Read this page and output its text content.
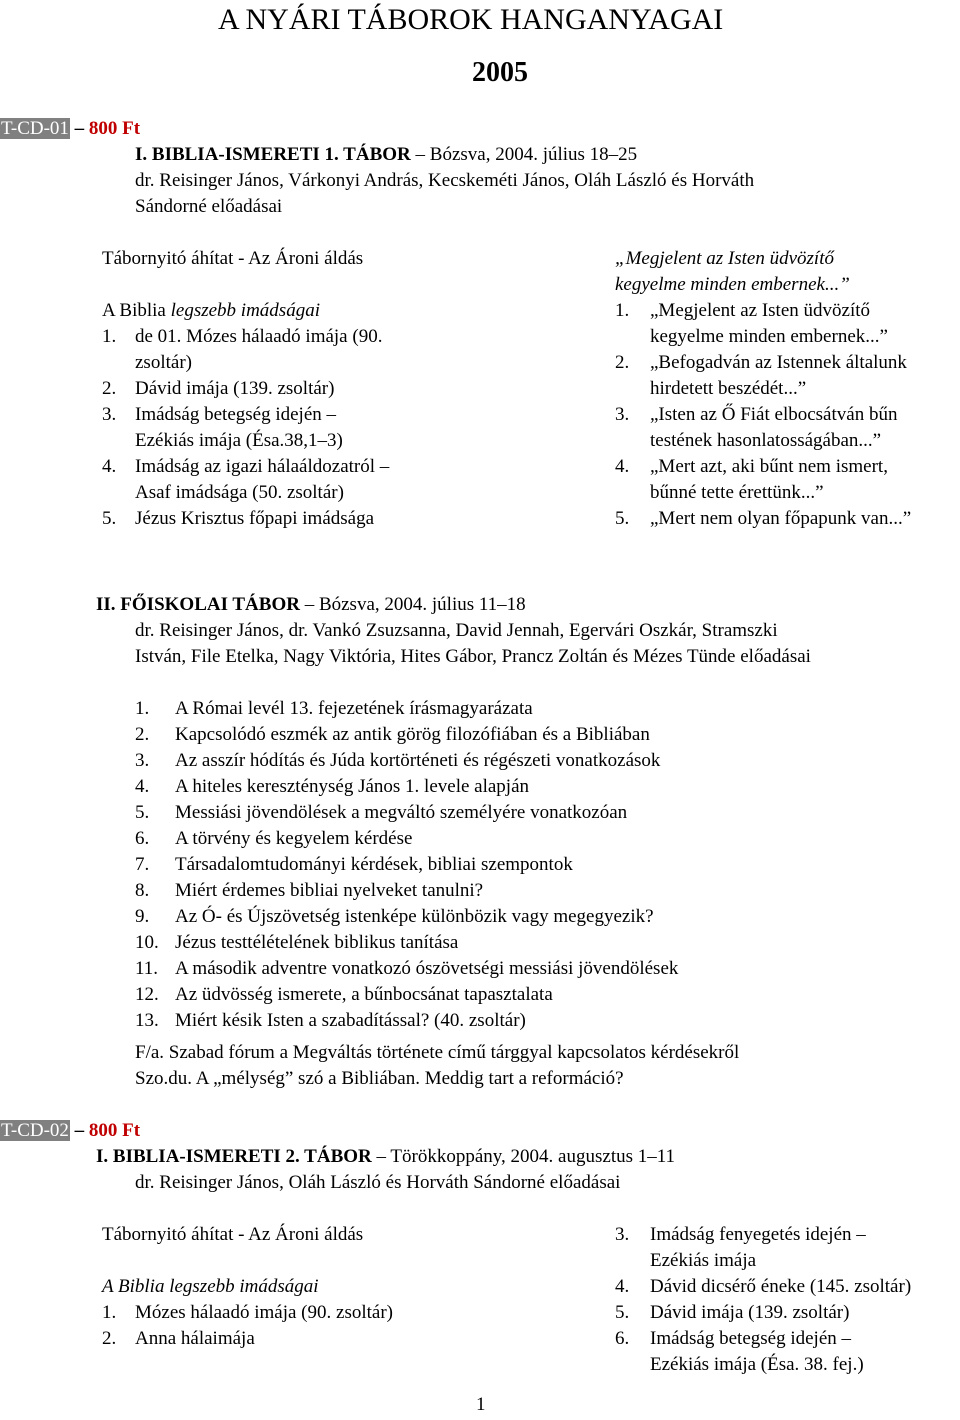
A NYÁRI TÁBOROK HANGANYAGAI
2005
T-CD-01 – 800 Ft
I. BIBLIA-ISMERETI 1. TÁBOR – Bózsva, 2004. július 18–25
dr. Reisinger János, Várkonyi András, Kecskeméti János, Oláh László és Horváth
Sándorné előadásai
Tábornyitó áhítat - Az Ároni áldás
A Biblia legszebb imádságai
1. de 01. Mózes hálaadó imája (90.
zsoltár)
2. Dávid imája (139. zsoltár)
3. Imádság betegség idején –
Ezékiás imája (Ésa.38,1–3)
4. Imádság az igazi hálaáldozatról –
Asaf imádsága (50. zsoltár)
5. Jézus Krisztus főpapi imádsága
„Megjelent az Isten üdvözítő
kegyelme minden embernek...”
1.	„Megjelent az Isten üdvözítő
kegyelme minden embernek...”
2.	„Befogadván az Istennek általunk
hirdetett beszédét...”
3.	„Isten az Ő Fiát elbocsátván bűn
testének hasonlatosságában...”
4.	„Mert azt, aki bűnt nem ismert,
bűnné tette érettünk...”
5.	„Mert nem olyan főpapunk van...”
II. FŐISKOLAI TÁBOR – Bózsva, 2004. július 11–18
dr. Reisinger János, dr. Vankó Zsuzsanna, David Jennah, Egervári Oszkár, Stramszki
István, File Etelka, Nagy Viktória, Hites Gábor, Prancz Zoltán és Mézes Tünde előadásai
1.	A Római levél 13. fejezetének írásmagyarázata
2.	Kapcsolódó eszmék az antik görög filozófiában és a Bibliában
3.	Az asszír hódítás és Júda kortörténeti és régészeti vonatkozások
4.	A hiteles kereszténység János 1. levele alapján
5.	Messiási jövendölések a megváltó személyére vonatkozóan
6.	A törvény és kegyelem kérdése
7.	Társadalomtudományi kérdések, bibliai szempontok
8.	Miért érdemes bibliai nyelveket tanulni?
9.	Az Ó- és Újszövetség istenképe különbözik vagy megegyezik?
10. Jézus testtélételének biblikus tanítása
11. A második adventre vonatkozó ószövetségi messiási jövendölések
12. Az üdvösség ismerete, a bűnbocsánat tapasztalata
13. Miért késik Isten a szabadítással? (40. zsoltár)
F/a. Szabad fórum a Megváltás története című tárggyal kapcsolatos kérdésekről
Szo.du. A „mélység” szó a Bibliában. Meddig tart a reformáció?
T-CD-02 – 800 Ft
I. BIBLIA-ISMERETI 2. TÁBOR – Törökkoppány, 2004. augusztus 1–11
dr. Reisinger János, Oláh László és Horváth Sándorné előadásai
Tábornyitó áhítat - Az Ároni áldás
A Biblia legszebb imádságai
1. Mózes hálaadó imája (90. zsoltár)
2. Anna hálaimája
3.	Imádság fenyegetés idején –
Ezékiás imája
4.	Dávid dicsérő éneke (145. zsoltár)
5.	Dávid imája (139. zsoltár)
6.	Imádság betegség idején –
Ezékiás imája (Ésa. 38. fej.)
1
